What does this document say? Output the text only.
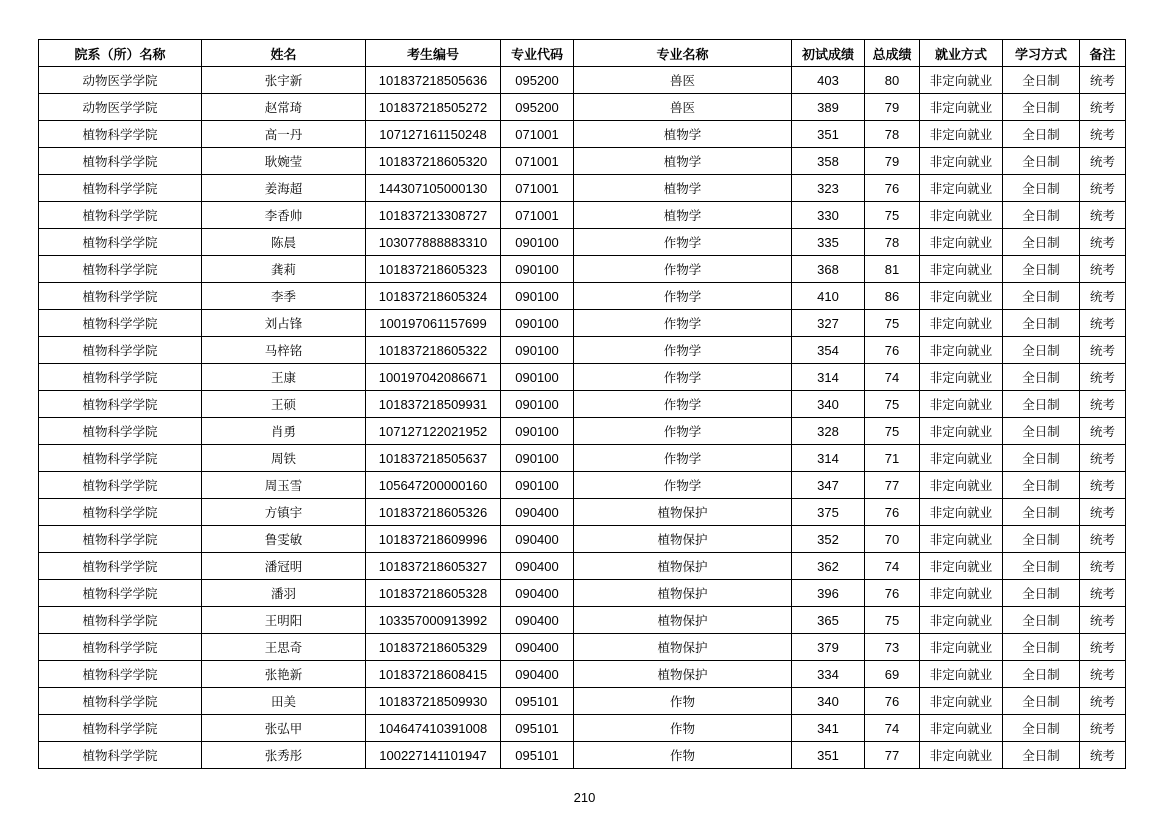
院系（所）名称	姓名	考生编号	专业代码	专业名称	初试成绩	总成绩	就业方式	学习方式	备注
动物医学学院	张宇新	101837218505636	095200	兽医	403	80	非定向就业	全日制	统考
动物医学学院	赵常琦	101837218505272	095200	兽医	389	79	非定向就业	全日制	统考
植物科学学院	高一丹	107127161150248	071001	植物学	351	78	非定向就业	全日制	统考
植物科学学院	耿婉莹	101837218605320	071001	植物学	358	79	非定向就业	全日制	统考
植物科学学院	姜海超	144307105000130	071001	植物学	323	76	非定向就业	全日制	统考
植物科学学院	李香帅	101837213308727	071001	植物学	330	75	非定向就业	全日制	统考
植物科学学院	陈晨	103077888883310	090100	作物学	335	78	非定向就业	全日制	统考
植物科学学院	龚莉	101837218605323	090100	作物学	368	81	非定向就业	全日制	统考
植物科学学院	李季	101837218605324	090100	作物学	410	86	非定向就业	全日制	统考
植物科学学院	刘占锋	100197061157699	090100	作物学	327	75	非定向就业	全日制	统考
植物科学学院	马梓铭	101837218605322	090100	作物学	354	76	非定向就业	全日制	统考
植物科学学院	王康	100197042086671	090100	作物学	314	74	非定向就业	全日制	统考
植物科学学院	王硕	101837218509931	090100	作物学	340	75	非定向就业	全日制	统考
植物科学学院	肖勇	107127122021952	090100	作物学	328	75	非定向就业	全日制	统考
植物科学学院	周铁	101837218505637	090100	作物学	314	71	非定向就业	全日制	统考
植物科学学院	周玉雪	105647200000160	090100	作物学	347	77	非定向就业	全日制	统考
植物科学学院	方镇宇	101837218605326	090400	植物保护	375	76	非定向就业	全日制	统考
植物科学学院	鲁雯敏	101837218609996	090400	植物保护	352	70	非定向就业	全日制	统考
植物科学学院	潘冠明	101837218605327	090400	植物保护	362	74	非定向就业	全日制	统考
植物科学学院	潘羽	101837218605328	090400	植物保护	396	76	非定向就业	全日制	统考
植物科学学院	王明阳	103357000913992	090400	植物保护	365	75	非定向就业	全日制	统考
植物科学学院	王思奇	101837218605329	090400	植物保护	379	73	非定向就业	全日制	统考
植物科学学院	张艳新	101837218608415	090400	植物保护	334	69	非定向就业	全日制	统考
植物科学学院	田美	101837218509930	095101	作物	340	76	非定向就业	全日制	统考
植物科学学院	张弘甲	104647410391008	095101	作物	341	74	非定向就业	全日制	统考
植物科学学院	张秀彤	100227141101947	095101	作物	351	77	非定向就业	全日制	统考
210
